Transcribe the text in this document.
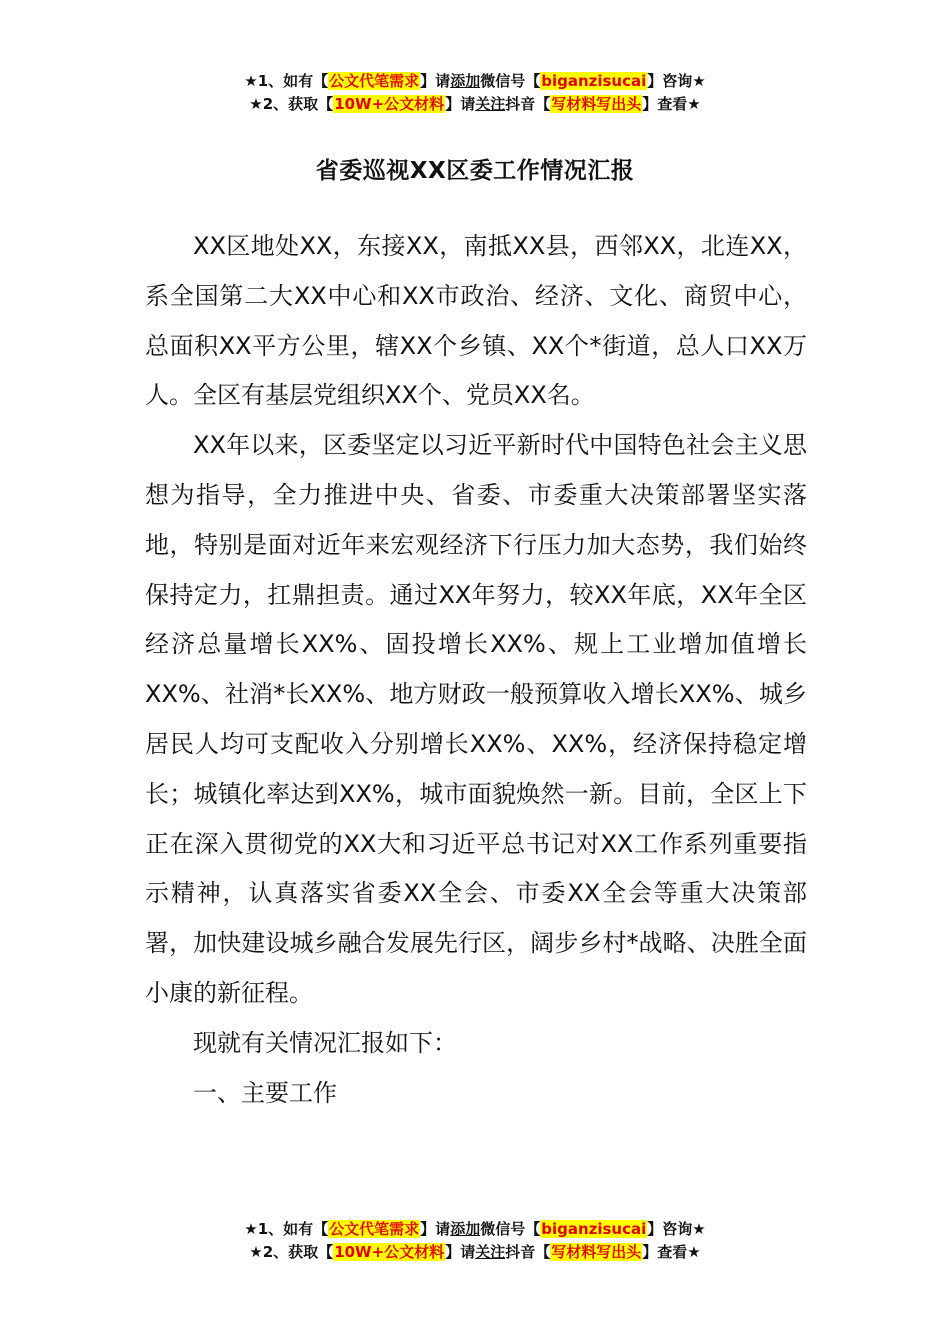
★1、如有【公文代笔需求】请添加微信号【biganzisucai】咨询★
★2、获取【10W+公文材料】请关注抖音【写材料写出头】查看★
省委巡视XX区委工作情况汇报

XX区地处XX，东接XX，南抵XX县，西邻XX，北连XX，系全国第二大XX中心和XX市政治、经济、文化、商贸中心，总面积XX平方公里，辖XX个乡镇、XX个*街道，总人口XX万人。全区有基层党组织XX个、党员XX名。

XX年以来，区委坚定以习近平新时代中国特色社会主义思想为指导，全力推进中央、省委、市委重大决策部署坚实落地，特别是面对近年来宏观经济下行压力加大态势，我们始终保持定力，扛鼎担责。通过XX年努力，较XX年底，XX年全区经济总量增长XX%、固投增长XX%、规上工业增加值增长XX%、社消*长XX%、地方财政一般预算收入增长XX%、城乡居民人均可支配收入分别增长XX%、XX%，经济保持稳定增长；城镇化率达到XX%，城市面貌焕然一新。目前，全区上下正在深入贯彻党的XX大和习近平总书记对XX工作系列重要指示精神，认真落实省委XX全会、市委XX全会等重大决策部署，加快建设城乡融合发展先行区，阔步乡村*战略、决胜全面小康的新征程。

现就有关情况汇报如下：

一、主要工作

★1、如有【公文代笔需求】请添加微信号【biganzisucai】咨询★
★2、获取【10W+公文材料】请关注抖音【写材料写出头】查看★
